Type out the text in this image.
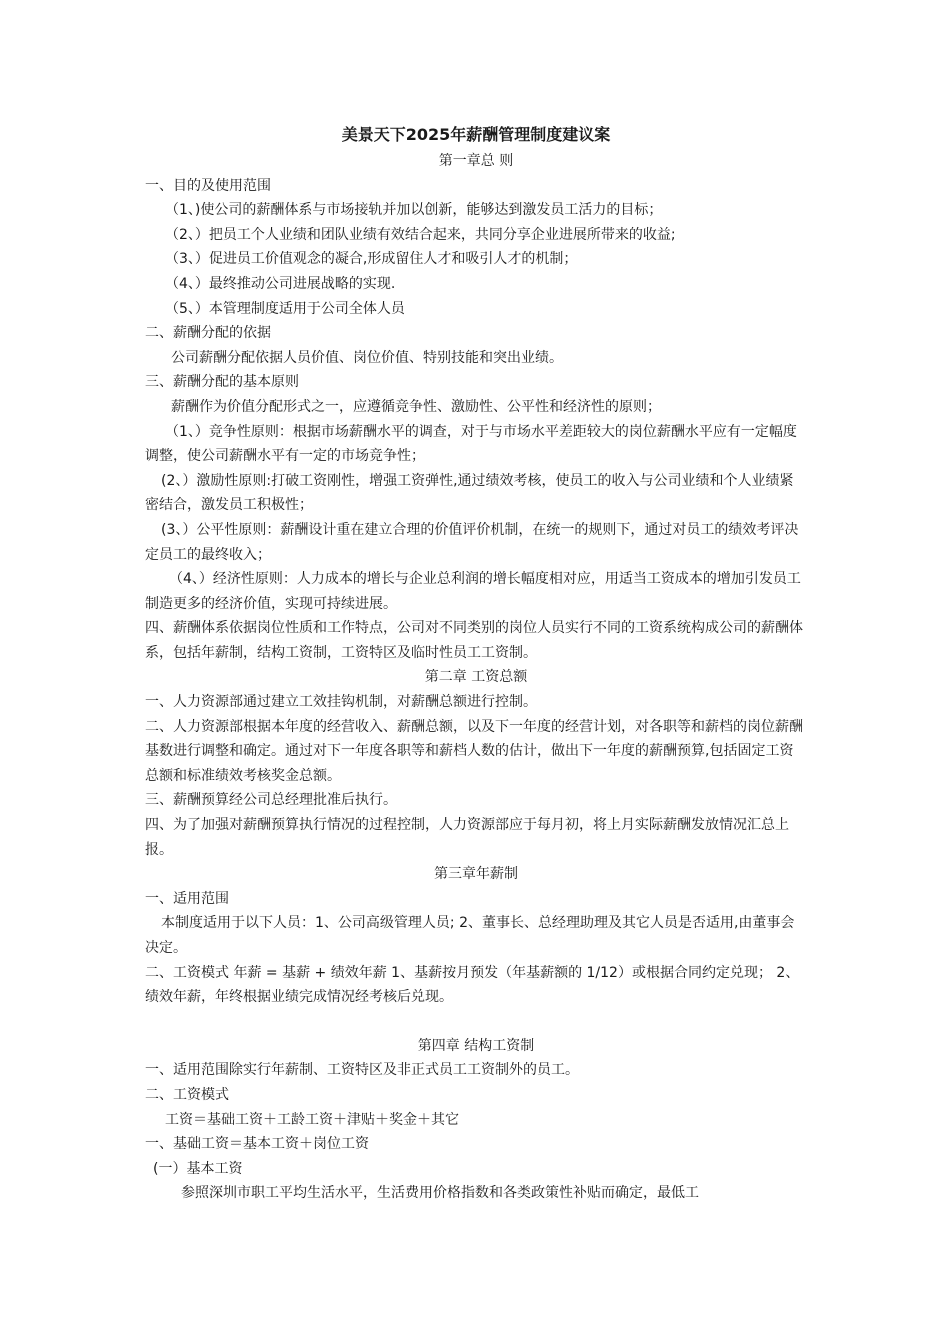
美景天下2025年薪酬管理制度建议案
第一章总 则
一、目的及使用范围
（1、)使公司的薪酬体系与市场接轨并加以创新，能够达到激发员工活力的目标；
（2、）把员工个人业绩和团队业绩有效结合起来，共同分享企业进展所带来的收益;
（3、）促进员工价值观念的凝合,形成留住人才和吸引人才的机制；
（4、）最终推动公司进展战略的实现.
（5、）本管理制度适用于公司全体人员
二、薪酬分配的依据
公司薪酬分配依据人员价值、岗位价值、特别技能和突出业绩。
三、薪酬分配的基本原则
薪酬作为价值分配形式之一，应遵循竞争性、激励性、公平性和经济性的原则；
（1、）竞争性原则：根据市场薪酬水平的调查，对于与市场水平差距较大的岗位薪酬水平应有一定幅度调整，使公司薪酬水平有一定的市场竞争性；
(2、）激励性原则:打破工资刚性，增强工资弹性,通过绩效考核，使员工的收入与公司业绩和个人业绩紧密结合，激发员工积极性；
(3、）公平性原则：薪酬设计重在建立合理的价值评价机制，在统一的规则下，通过对员工的绩效考评决定员工的最终收入；
（4、）经济性原则：人力成本的增长与企业总利润的增长幅度相对应，用适当工资成本的增加引发员工制造更多的经济价值，实现可持续进展。
四、薪酬体系依据岗位性质和工作特点，公司对不同类别的岗位人员实行不同的工资系统构成公司的薪酬体系，包括年薪制，结构工资制，工资特区及临时性员工工资制。
第二章 工资总额
一、人力资源部通过建立工效挂钩机制，对薪酬总额进行控制。
二、人力资源部根据本年度的经营收入、薪酬总额，以及下一年度的经营计划，对各职等和薪档的岗位薪酬基数进行调整和确定。通过对下一年度各职等和薪档人数的估计，做出下一年度的薪酬预算,包括固定工资总额和标准绩效考核奖金总额。
三、薪酬预算经公司总经理批准后执行。
四、为了加强对薪酬预算执行情况的过程控制，人力资源部应于每月初，将上月实际薪酬发放情况汇总上报。
第三章年薪制
一、适用范围
本制度适用于以下人员：1、公司高级管理人员; 2、董事长、总经理助理及其它人员是否适用,由董事会决定。
二、工资模式 年薪 = 基薪 + 绩效年薪 1、基薪按月预发（年基薪额的 1/12）或根据合同约定兑现； 2、绩效年薪，年终根据业绩完成情况经考核后兑现。
第四章 结构工资制
一、适用范围除实行年薪制、工资特区及非正式员工工资制外的员工。
二、工资模式
工资＝基础工资＋工龄工资＋津贴＋奖金＋其它
一、基础工资＝基本工资＋岗位工资
(一）基本工资
参照深圳市职工平均生活水平，生活费用价格指数和各类政策性补贴而确定，最低工
